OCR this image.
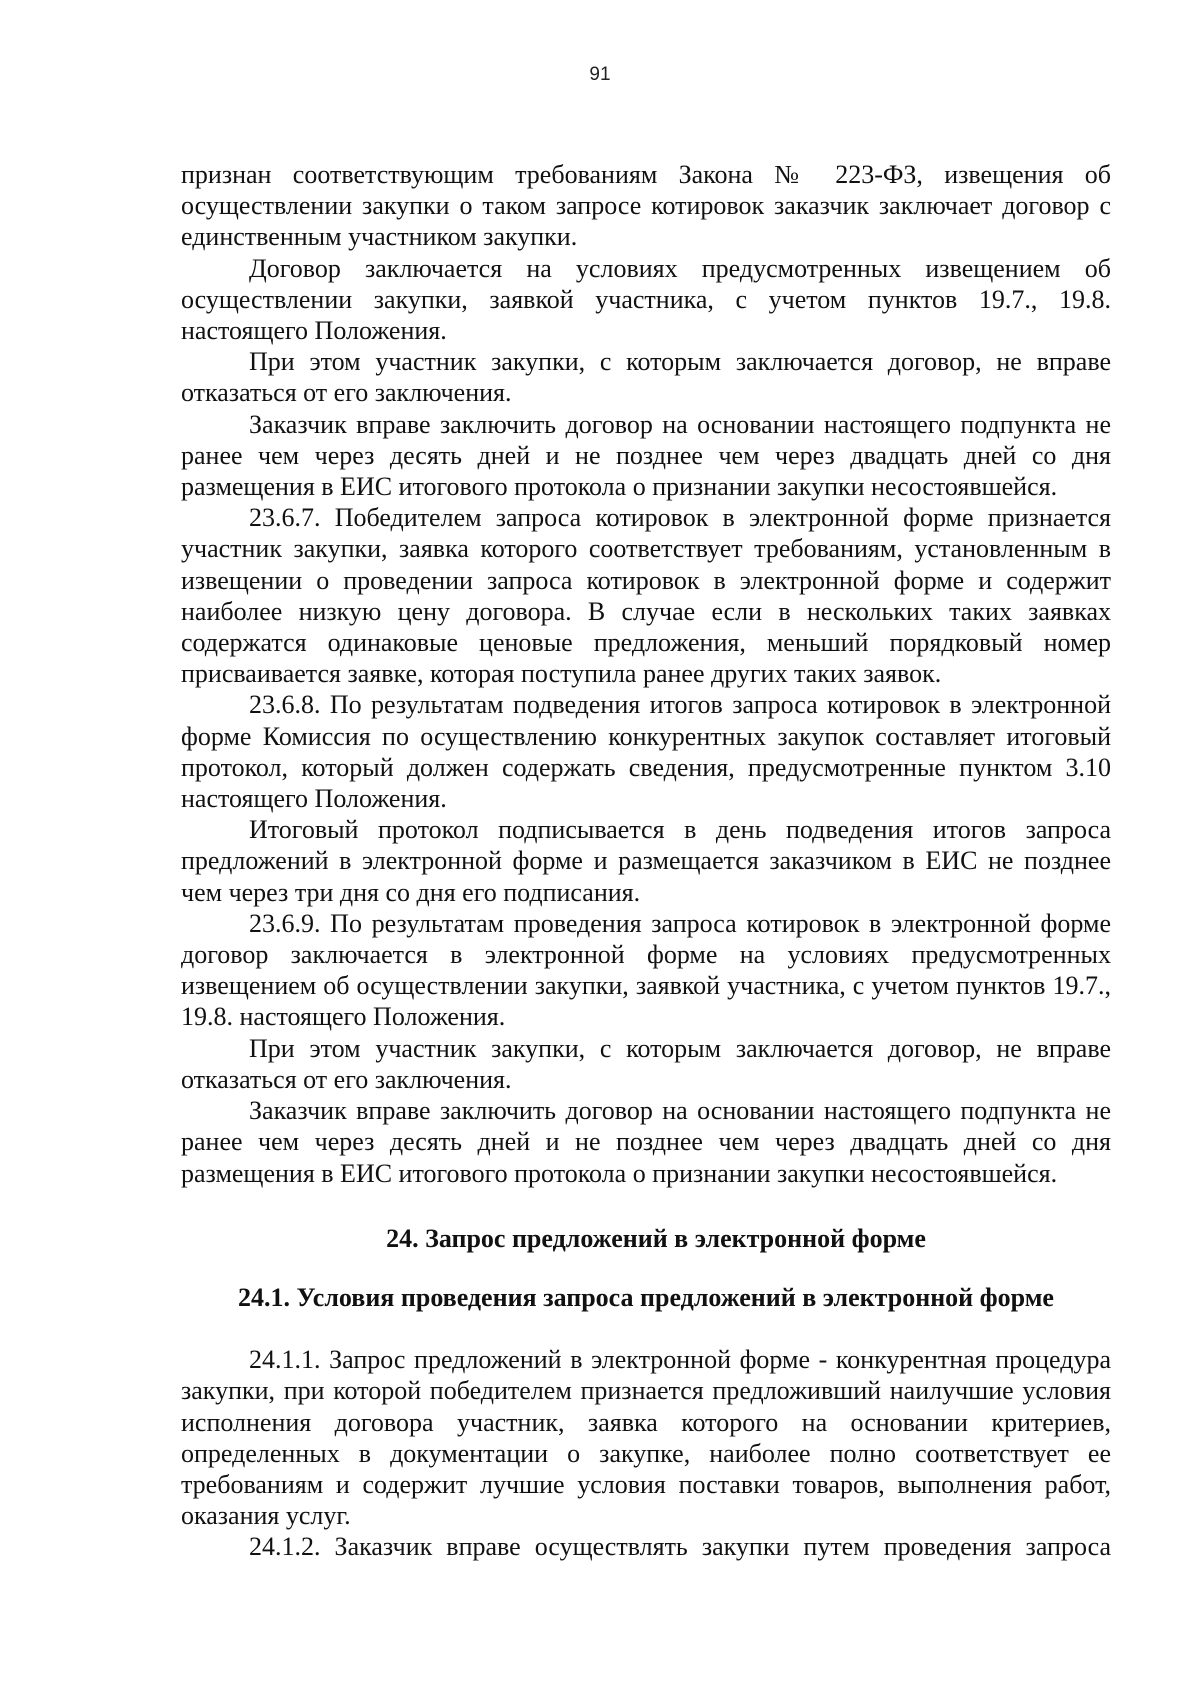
91

признан соответствующим требованиям Закона № 223-ФЗ, извещения об осуществлении закупки о таком запросе котировок заказчик заключает договор с единственным участником закупки.

Договор заключается на условиях предусмотренных извещением об осуществлении закупки, заявкой участника, с учетом пунктов 19.7., 19.8. настоящего Положения.

При этом участник закупки, с которым заключается договор, не вправе отказаться от его заключения.

Заказчик вправе заключить договор на основании настоящего подпункта не ранее чем через десять дней и не позднее чем через двадцать дней со дня размещения в ЕИС итогового протокола о признании закупки несостоявшейся.

23.6.7. Победителем запроса котировок в электронной форме признается участник закупки, заявка которого соответствует требованиям, установленным в извещении о проведении запроса котировок в электронной форме и содержит наиболее низкую цену договора. В случае если в нескольких таких заявках содержатся одинаковые ценовые предложения, меньший порядковый номер присваивается заявке, которая поступила ранее других таких заявок.

23.6.8. По результатам подведения итогов запроса котировок в электронной форме Комиссия по осуществлению конкурентных закупок составляет итоговый протокол, который должен содержать сведения, предусмотренные пунктом 3.10 настоящего Положения.

Итоговый протокол подписывается в день подведения итогов запроса предложений в электронной форме и размещается заказчиком в ЕИС не позднее чем через три дня со дня его подписания.

23.6.9. По результатам проведения запроса котировок в электронной форме договор заключается в электронной форме на условиях предусмотренных извещением об осуществлении закупки, заявкой участника, с учетом пунктов 19.7., 19.8. настоящего Положения.

При этом участник закупки, с которым заключается договор, не вправе отказаться от его заключения.

Заказчик вправе заключить договор на основании настоящего подпункта не ранее чем через десять дней и не позднее чем через двадцать дней со дня размещения в ЕИС итогового протокола о признании закупки несостоявшейся.

24. Запрос предложений в электронной форме
24.1. Условия проведения запроса предложений в электронной форме

24.1.1. Запрос предложений в электронной форме - конкурентная процедура закупки, при которой победителем признается предложивший наилучшие условия исполнения договора участник, заявка которого на основании критериев, определенных в документации о закупке, наиболее полно соответствует ее требованиям и содержит лучшие условия поставки товаров, выполнения работ, оказания услуг.

24.1.2. Заказчик вправе осуществлять закупки путем проведения запроса
